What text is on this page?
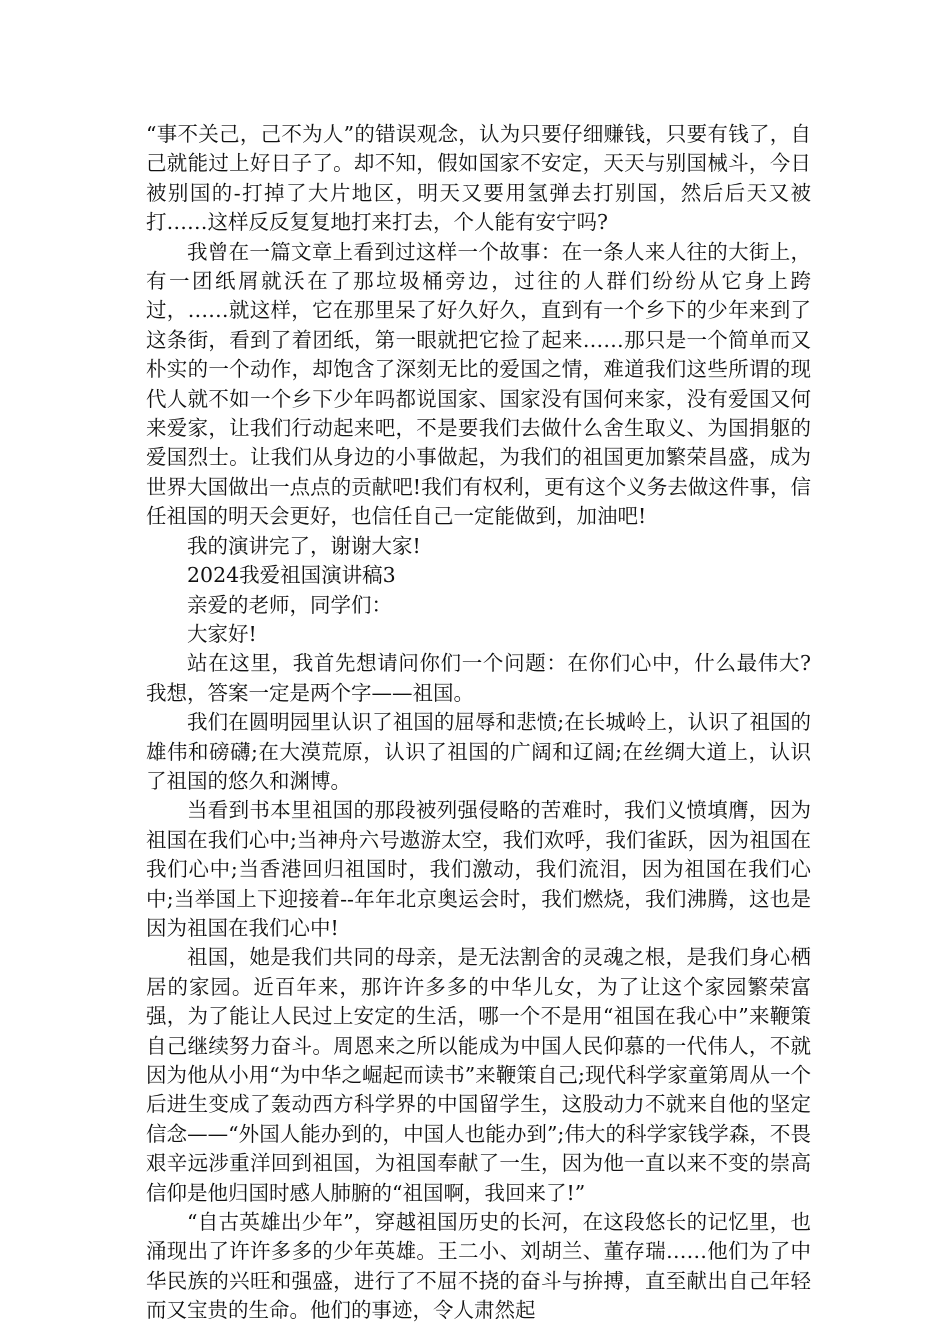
“事不关己，己不为人”的错误观念，认为只要仔细赚钱，只要有钱了，自己就能过上好日子了。却不知，假如国家不安定，天天与别国械斗，今日被别国的-打掉了大片地区，明天又要用氢弹去打别国，然后后天又被打……这样反反复复地打来打去，个人能有安宁吗?

我曾在一篇文章上看到过这样一个故事：在一条人来人往的大街上，有一团纸屑就沃在了那垃圾桶旁边，过往的人群们纷纷从它身上跨过，……就这样，它在那里呆了好久好久，直到有一个乡下的少年来到了这条街，看到了着团纸，第一眼就把它捡了起来……那只是一个简单而又朴实的一个动作，却饱含了深刻无比的爱国之情，难道我们这些所谓的现代人就不如一个乡下少年吗都说国家、国家没有国何来家，没有爱国又何来爱家，让我们行动起来吧，不是要我们去做什么舍生取义、为国捐躯的爱国烈士。让我们从身边的小事做起，为我们的祖国更加繁荣昌盛，成为世界大国做出一点点的贡献吧!我们有权利，更有这个义务去做这件事，信任祖国的明天会更好，也信任自己一定能做到，加油吧!

我的演讲完了，谢谢大家!

2024我爱祖国演讲稿3

亲爱的老师，同学们：

大家好!

站在这里，我首先想请问你们一个问题：在你们心中，什么最伟大?我想，答案一定是两个字——祖国。

我们在圆明园里认识了祖国的屈辱和悲愤;在长城岭上，认识了祖国的雄伟和磅礴;在大漠荒原，认识了祖国的广阔和辽阔;在丝绸大道上，认识了祖国的悠久和渊博。

当看到书本里祖国的那段被列强侵略的苦难时，我们义愤填膺，因为祖国在我们心中;当神舟六号遨游太空，我们欢呼，我们雀跃，因为祖国在我们心中;当香港回归祖国时，我们激动，我们流泪，因为祖国在我们心中;当举国上下迎接着--年年北京奥运会时，我们燃烧，我们沸腾，这也是因为祖国在我们心中!

祖国，她是我们共同的母亲，是无法割舍的灵魂之根，是我们身心栖居的家园。近百年来，那许许多多的中华儿女，为了让这个家园繁荣富强，为了能让人民过上安定的生活，哪一个不是用“祖国在我心中”来鞭策自己继续努力奋斗。周恩来之所以能成为中国人民仰慕的一代伟人，不就因为他从小用“为中华之崛起而读书”来鞭策自己;现代科学家童第周从一个后进生变成了轰动西方科学界的中国留学生，这股动力不就来自他的坚定信念——“外国人能办到的，中国人也能办到”;伟大的科学家钱学森，不畏艰辛远涉重洋回到祖国，为祖国奉献了一生，因为他一直以来不变的崇高信仰是他归国时感人肺腑的“祖国啊，我回来了!”

“自古英雄出少年”，穿越祖国历史的长河，在这段悠长的记忆里，也涌现出了许许多多的少年英雄。王二小、刘胡兰、董存瑞……他们为了中华民族的兴旺和强盛，进行了不屈不挠的奋斗与拚搏，直至献出自己年轻而又宝贵的生命。他们的事迹，令人肃然起
